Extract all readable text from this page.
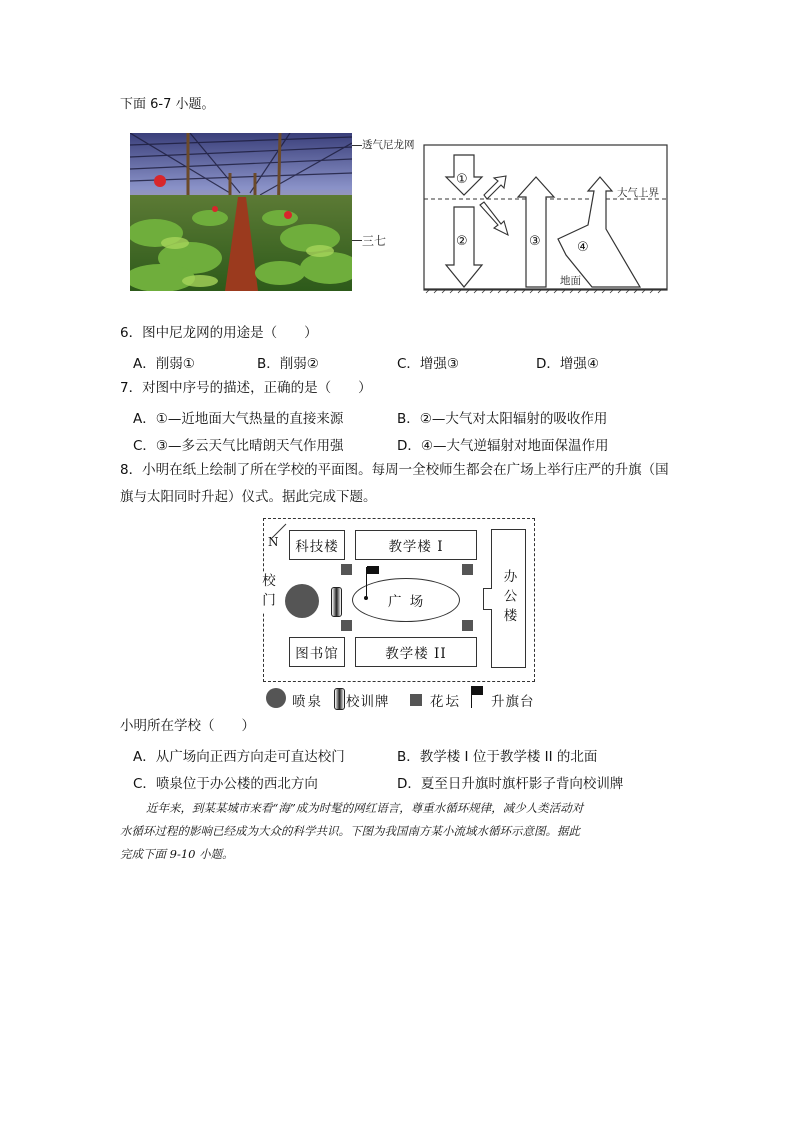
下面 6-7 小题。
透气尼龙网
三七
①
②	③	④
大气上界
地面
6．图中尼龙网的用途是（　　）
A．削弱①	B．削弱②	C．增强③	D．增强④
7．对图中序号的描述，正确的是（　　）
A．①—近地面大气热量的直接来源	B．②—大气对太阳辐射的吸收作用
C．③—多云天气比晴朗天气作用强	D．④—大气逆辐射对地面保温作用
8．小明在纸上绘制了所在学校的平面图。每周一全校师生都会在广场上举行庄严的升旗（国
旗与太阳同时升起）仪式。据此完成下题。
N 科技楼	教学楼 I
图书馆	教学楼 II
办公楼
广 场
校门
喷泉 校训牌	花坛 升旗台
小明所在学校（　　）
A．从广场向正西方向走可直达校门	B．教学楼 I 位于教学楼 II 的北面
C．喷泉位于办公楼的西北方向	D．夏至日升旗时旗杆影子背向校训牌
近年来，到某某城市来看“海”成为时髦的网红语言，尊重水循环规律，减少人类活动对
水循环过程的影响已经成为大众的科学共识。下图为我国南方某小流域水循环示意图。据此
完成下面 9-10 小题。
